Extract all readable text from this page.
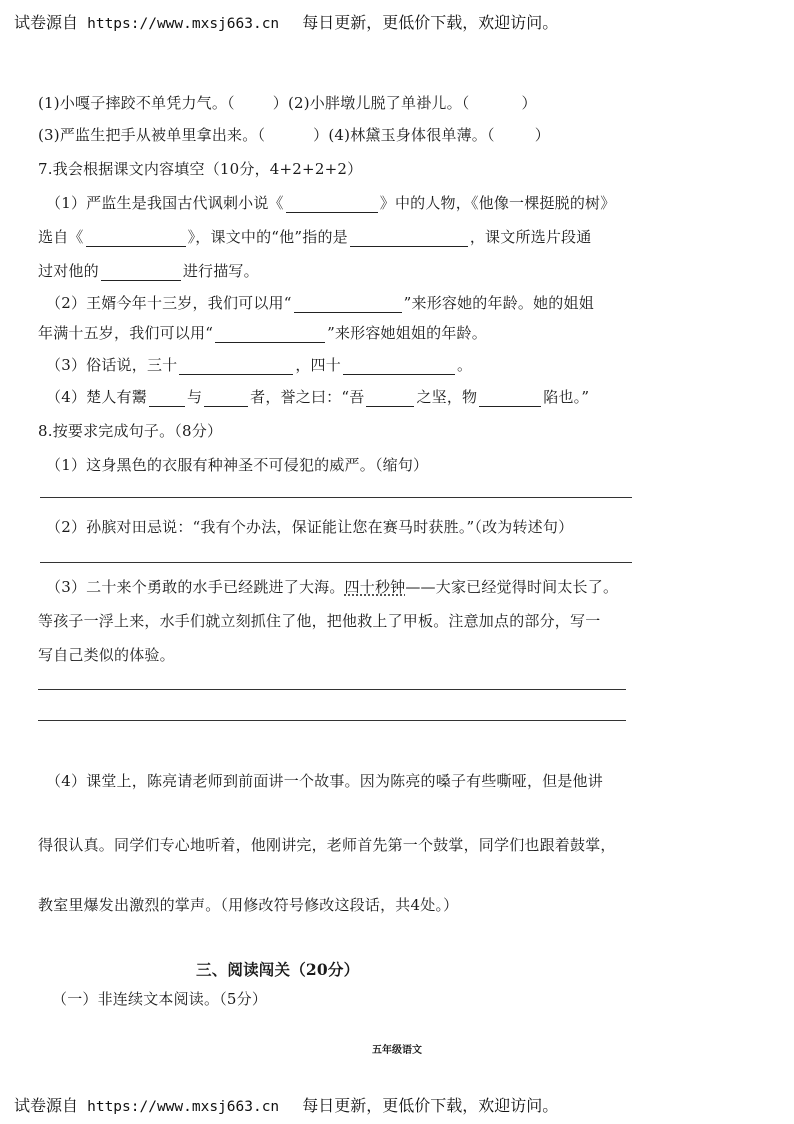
试卷源自 https://www.mxsj663.cn 每日更新，更低价下载，欢迎访问。
(1)小嘎子摔跤不单凭力气。（	）(2)小胖墩儿脱了单褂儿。（	）
(3)严监生把手从被单里拿出来。（	）(4)林黛玉身体很单薄。（	）
7.我会根据课文内容填空（10分，4+2+2+2）
（1）严监生是我国古代讽刺小说《	》中的人物，《他像一棵挺脱的树》
选自《	》，课文中的“他”指的是	，课文所选片段通
过对他的	进行描写。
（2）王婿今年十三岁，我们可以用“	”来形容她的年龄。她的姐姐
年满十五岁，我们可以用“	”来形容她姐姐的年龄。
（3）俗话说，三十	，四十	。
（4）楚人有鬻	与	者，誉之曰：“吾	之坚，物	陷也。”
8.按要求完成句子。（8分）
（1）这身黑色的衣服有种神圣不可侵犯的威严。（缩句）
（2）孙膑对田忌说：“我有个办法，保证能让您在赛马时获胜。”（改为转述句）
（3）二十来个勇敢的水手已经跳进了大海。四十秒钟——大家已经觉得时间太长了。
等孩子一浮上来，水手们就立刻抓住了他，把他救上了甲板。注意加点的部分，写一
写自己类似的体验。
（4）课堂上，陈亮请老师到前面讲一个故事。因为陈亮的嗓子有些嘶哑，但是他讲
得很认真。同学们专心地听着，他刚讲完，老师首先第一个鼓掌，同学们也跟着鼓掌，
教室里爆发出激烈的掌声。（用修改符号修改这段话，共4处。）
三、阅读闯关（20分）
（一）非连续文本阅读。（5分）
五年级语文
试卷源自 https://www.mxsj663.cn 每日更新，更低价下载，欢迎访问。
